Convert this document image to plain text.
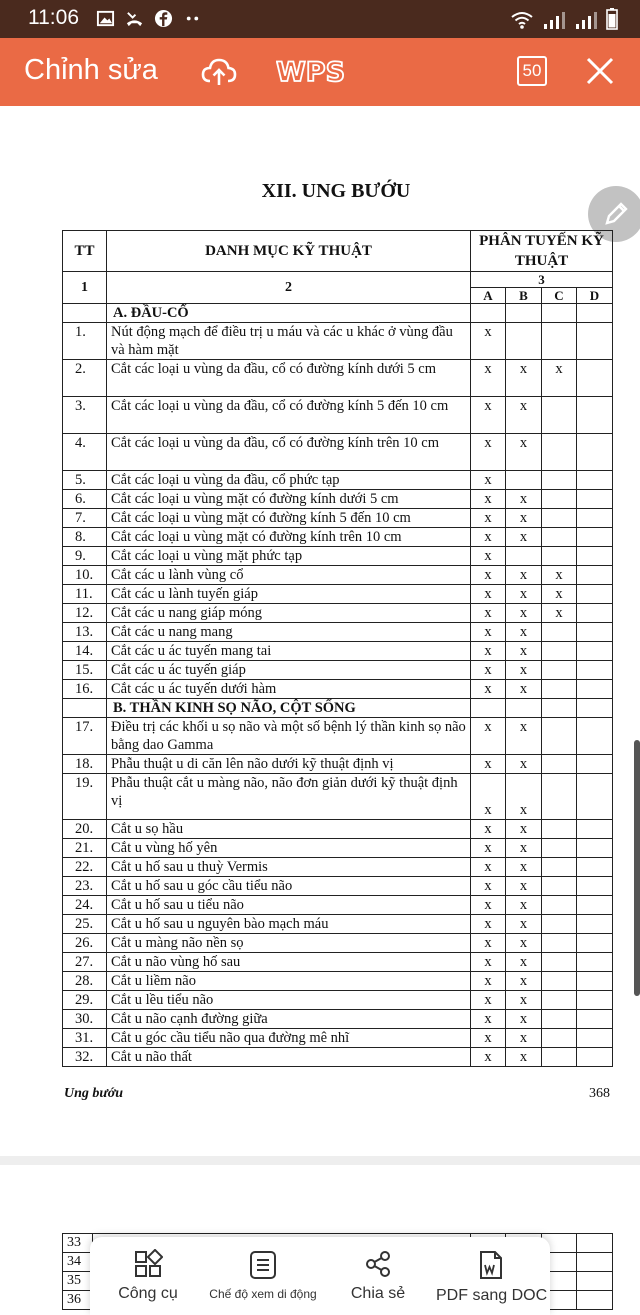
11:06
Chỉnh sửa	WPS	50
XII. UNG BƯỚU
TT	DANH MỤC KỸ THUẬT	PHÂN TUYẾN KỸ THUẬT			
1	2	3			
		A	B	C	D
	A. ĐẦU-CỔ				
1.	Nút động mạch để điều trị u máu và các u khác ở vùng đầu và hàm mặt	x			
2.	Cắt các loại u vùng da đầu, cổ có đường kính dưới 5 cm	x	x	x	
3.	Cắt các loại u vùng da đầu, cổ có đường kính 5 đến 10 cm	x	x		
4.	Cắt các loại u vùng da đầu, cổ có đường kính trên 10 cm	x	x		
5.	Cắt các loại u vùng da đầu, cổ phức tạp	x			
6.	Cắt các loại u vùng mặt có đường kính dưới 5 cm	x	x		
7.	Cắt các loại u vùng mặt có đường kính 5 đến 10 cm	x	x		
8.	Cắt các loại u vùng mặt có đường kính trên 10 cm	x	x		
9.	Cắt các loại u vùng mặt phức tạp	x			
10.	Cắt các u lành vùng cổ	x	x	x	
11.	Cắt các u lành tuyến giáp	x	x	x	
12.	Cắt các u nang giáp móng	x	x	x	
13.	Cắt các u nang mang	x	x		
14.	Cắt các u ác tuyến mang tai	x	x		
15.	Cắt các u ác tuyến giáp	x	x		
16.	Cắt các u ác tuyến dưới hàm	x	x		
	B. THẦN KINH SỌ NÃO, CỘT SỐNG				
17.	Điều trị các khối u sọ não và một số bệnh lý thần kinh sọ não bằng dao Gamma	x	x		
18.	Phẫu thuật u di căn lên não dưới kỹ thuật định vị	x	x		
19.	Phẫu thuật cắt u màng não, não đơn giản dưới kỹ thuật định vị	x	x		
20.	Cắt u sọ hầu	x	x		
21.	Cắt u vùng hố yên	x	x		
22.	Cắt u hố sau u thuỳ Vermis	x	x		
23.	Cắt u hố sau u góc cầu tiểu não	x	x		
24.	Cắt u hố sau u tiểu não	x	x		
25.	Cắt u hố sau u nguyên bào mạch máu	x	x		
26.	Cắt u màng não nền sọ	x	x		
27.	Cắt u não vùng hố sau	x	x		
28.	Cắt u liềm não	x	x		
29.	Cắt u lều tiểu não	x	x		
30.	Cắt u não cạnh đường giữa	x	x		
31.	Cắt u góc cầu tiểu não qua đường mê nhĩ	x	x		
32.	Cắt u não thất	x	x		
Ung bướu	368
33					
34					
35					
36						Công cụ	Chế độ xem di động	Chia sẻ	PDF sang DOC
